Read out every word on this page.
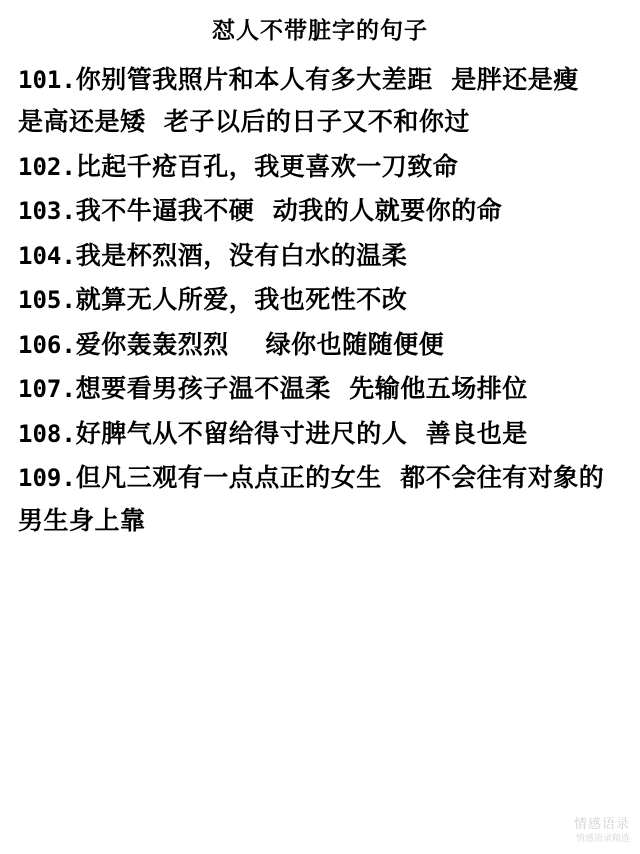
怼人不带脏字的句子
101.你别管我照片和本人有多大差距  是胖还是瘦  是高还是矮  老子以后的日子又不和你过
102.比起千疮百孔，我更喜欢一刀致命
103.我不牛逼我不硬  动我的人就要你的命
104.我是杯烈酒，没有白水的温柔
105.就算无人所爱，我也死性不改
106.爱你轰轰烈烈    绿你也随随便便
107.想要看男孩子温不温柔  先输他五场排位
108.好脾气从不留给得寸进尺的人  善良也是
109.但凡三观有一点点正的女生  都不会往有对象的男生身上靠
情感语录
情感语录精选
